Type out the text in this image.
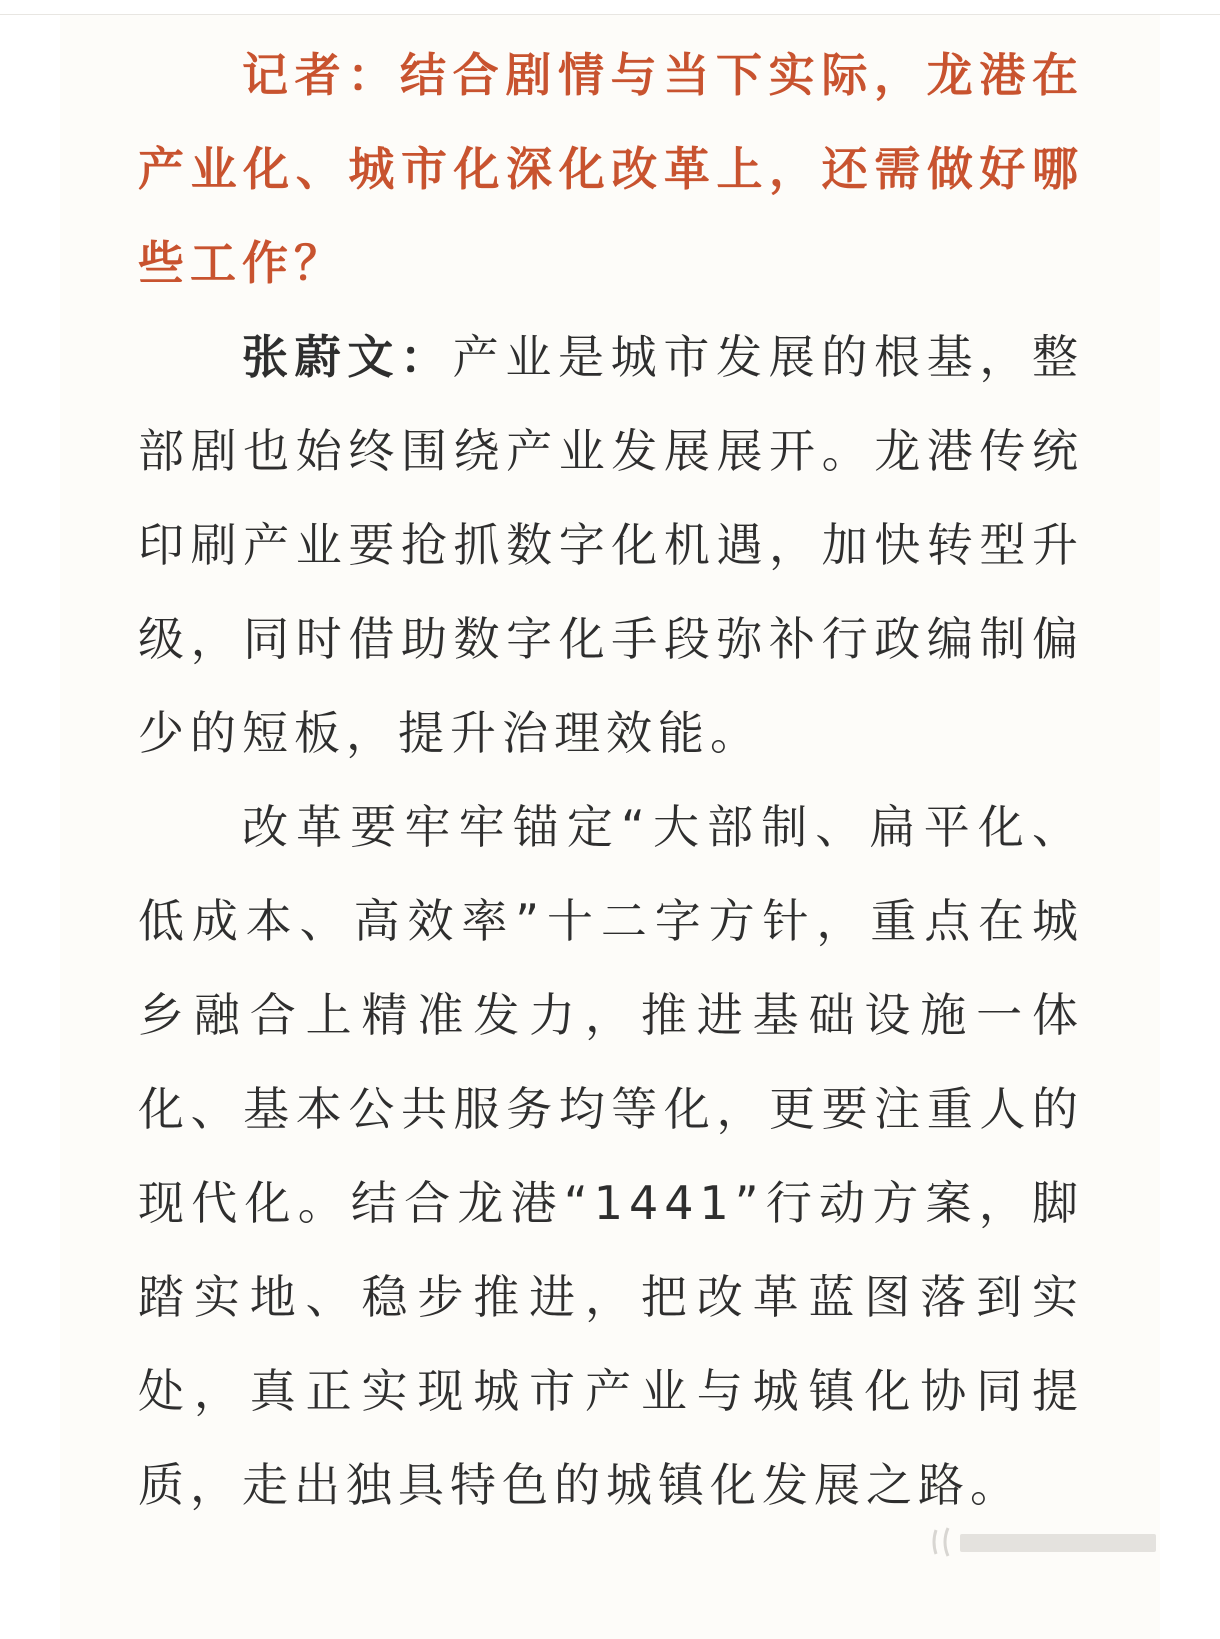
记者：结合剧情与当下实际，龙港在产业化、城市化深化改革上，还需做好哪些工作？

张蔚文：产业是城市发展的根基，整部剧也始终围绕产业发展展开。龙港传统印刷产业要抢抓数字化机遇，加快转型升级，同时借助数字化手段弥补行政编制偏少的短板，提升治理效能。

改革要牢牢锚定“大部制、扁平化、低成本、高效率”十二字方针，重点在城乡融合上精准发力，推进基础设施一体化、基本公共服务均等化，更要注重人的现代化。结合龙港“1441”行动方案，脚踏实地、稳步推进，把改革蓝图落到实处，真正实现城市产业与城镇化协同提质，走出独具特色的城镇化发展之路。
